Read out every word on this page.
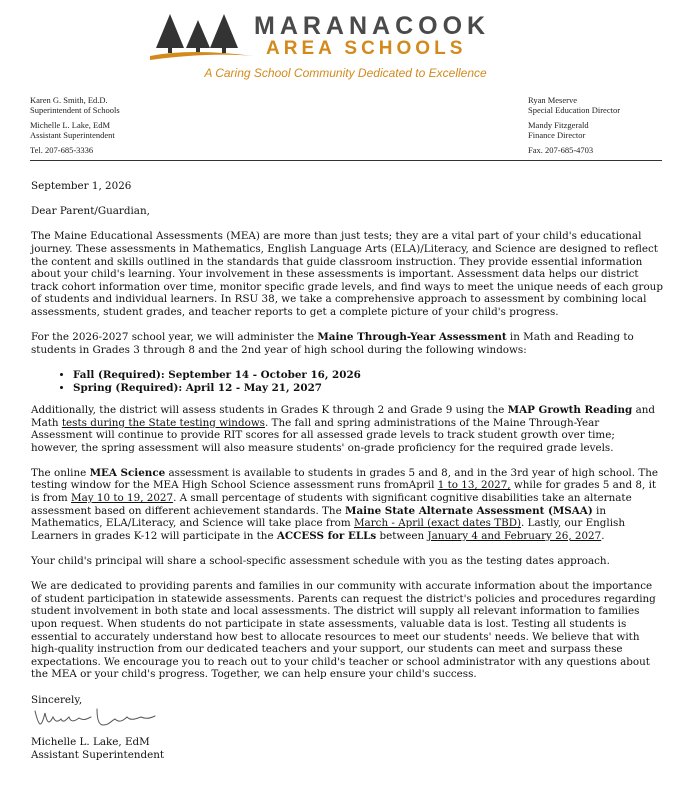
MARANACOOK
AREA SCHOOLS
A Caring School Community Dedicated to Excellence
Karen G. Smith, Ed.D.
Superintendent of Schools
Michelle L. Lake, EdM
Assistant Superintendent
Tel. 207-685-3336
Ryan Meserve
Special Education Director
Mandy Fitzgerald
Finance Director
Fax. 207-685-4703

September 1, 2026

Dear Parent/Guardian,

The Maine Educational Assessments (MEA) are more than just tests; they are a vital part of your child's educational journey. These assessments in Mathematics, English Language Arts (ELA)/Literacy, and Science are designed to reflect the content and skills outlined in the standards that guide classroom instruction. They provide essential information about your child's learning. Your involvement in these assessments is important. Assessment data helps our district track cohort information over time, monitor specific grade levels, and find ways to meet the unique needs of each group of students and individual learners. In RSU 38, we take a comprehensive approach to assessment by combining local assessments, student grades, and teacher reports to get a complete picture of your child's progress.

For the 2026-2027 school year, we will administer the Maine Through-Year Assessment in Math and Reading to students in Grades 3 through 8 and the 2nd year of high school during the following windows:

• Fall (Required): September 14 - October 16, 2026
• Spring (Required): April 12 - May 21, 2027

Additionally, the district will assess students in Grades K through 2 and Grade 9 using the MAP Growth Reading and Math tests during the State testing windows. The fall and spring administrations of the Maine Through-Year Assessment will continue to provide RIT scores for all assessed grade levels to track student growth over time; however, the spring assessment will also measure students' on-grade proficiency for the required grade levels.

The online MEA Science assessment is available to students in grades 5 and 8, and in the 3rd year of high school. The testing window for the MEA High School Science assessment runs fromApril 1 to 13, 2027, while for grades 5 and 8, it is from May 10 to 19, 2027. A small percentage of students with significant cognitive disabilities take an alternate assessment based on different achievement standards. The Maine State Alternate Assessment (MSAA) in Mathematics, ELA/Literacy, and Science will take place from March - April (exact dates TBD). Lastly, our English Learners in grades K-12 will participate in the ACCESS for ELLs between January 4 and February 26, 2027.

Your child's principal will share a school-specific assessment schedule with you as the testing dates approach.

We are dedicated to providing parents and families in our community with accurate information about the importance of student participation in statewide assessments. Parents can request the district's policies and procedures regarding student involvement in both state and local assessments. The district will supply all relevant information to families upon request. When students do not participate in state assessments, valuable data is lost. Testing all students is essential to accurately understand how best to allocate resources to meet our students' needs. We believe that with high-quality instruction from our dedicated teachers and your support, our students can meet and surpass these expectations. We encourage you to reach out to your child's teacher or school administrator with any questions about the MEA or your child's progress. Together, we can help ensure your child's success.

Sincerely,
Michelle L. Lake, EdM
Assistant Superintendent
